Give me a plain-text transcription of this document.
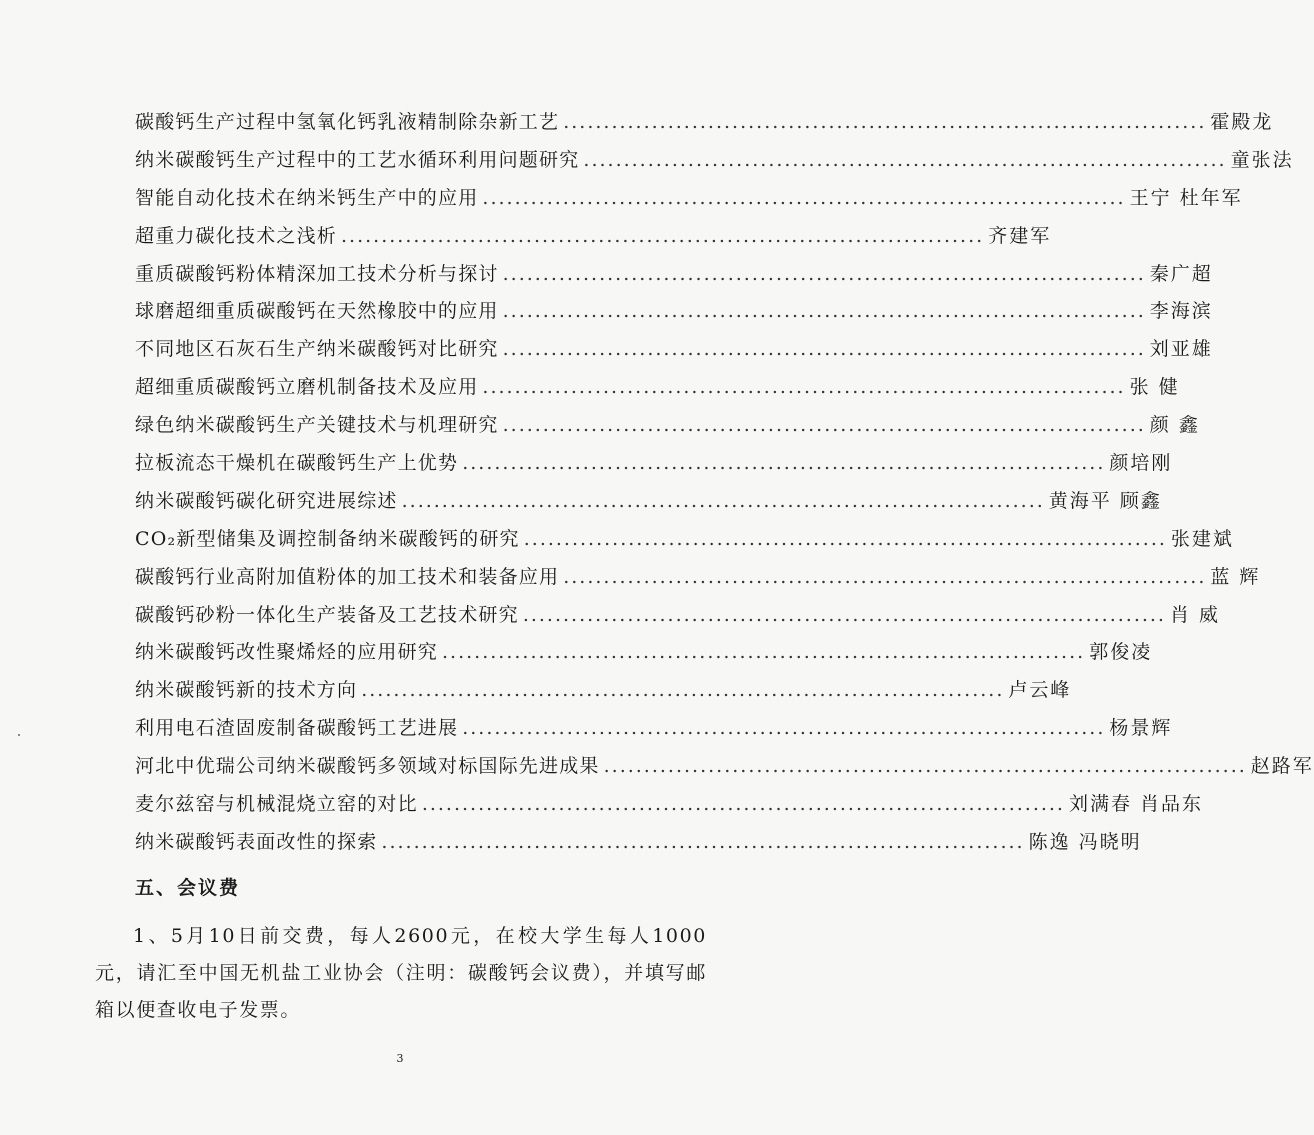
碳酸钙生产过程中氢氧化钙乳液精制除杂新工艺 ................................................................................ 霍殿龙
纳米碳酸钙生产过程中的工艺水循环利用问题研究 ................................................................................ 童张法
智能自动化技术在纳米钙生产中的应用 ................................................................................ 王宁 杜年军
超重力碳化技术之浅析 ................................................................................ 齐建军
重质碳酸钙粉体精深加工技术分析与探讨 ................................................................................ 秦广超
球磨超细重质碳酸钙在天然橡胶中的应用 ................................................................................ 李海滨
不同地区石灰石生产纳米碳酸钙对比研究 ................................................................................ 刘亚雄
超细重质碳酸钙立磨机制备技术及应用 ................................................................................ 张 健
绿色纳米碳酸钙生产关键技术与机理研究 ................................................................................ 颜 鑫
拉板流态干燥机在碳酸钙生产上优势 ................................................................................ 颜培刚
纳米碳酸钙碳化研究进展综述 ................................................................................ 黄海平 顾鑫
CO₂新型储集及调控制备纳米碳酸钙的研究 ................................................................................ 张建斌
碳酸钙行业高附加值粉体的加工技术和装备应用 ................................................................................ 蓝 辉
碳酸钙砂粉一体化生产装备及工艺技术研究 ................................................................................ 肖 威
纳米碳酸钙改性聚烯烃的应用研究 ................................................................................ 郭俊凌
纳米碳酸钙新的技术方向 ................................................................................ 卢云峰
利用电石渣固废制备碳酸钙工艺进展 ................................................................................ 杨景辉
河北中优瑞公司纳米碳酸钙多领域对标国际先进成果 ................................................................................ 赵路军
麦尔兹窑与机械混烧立窑的对比 ................................................................................ 刘满春 肖品东
纳米碳酸钙表面改性的探索 ................................................................................ 陈逸 冯晓明
五、会议费
1、5月10日前交费，每人2600元，在校大学生每人1000元，请汇至中国无机盐工业协会（注明：碳酸钙会议费），并填写邮箱以便查收电子发票。
3
